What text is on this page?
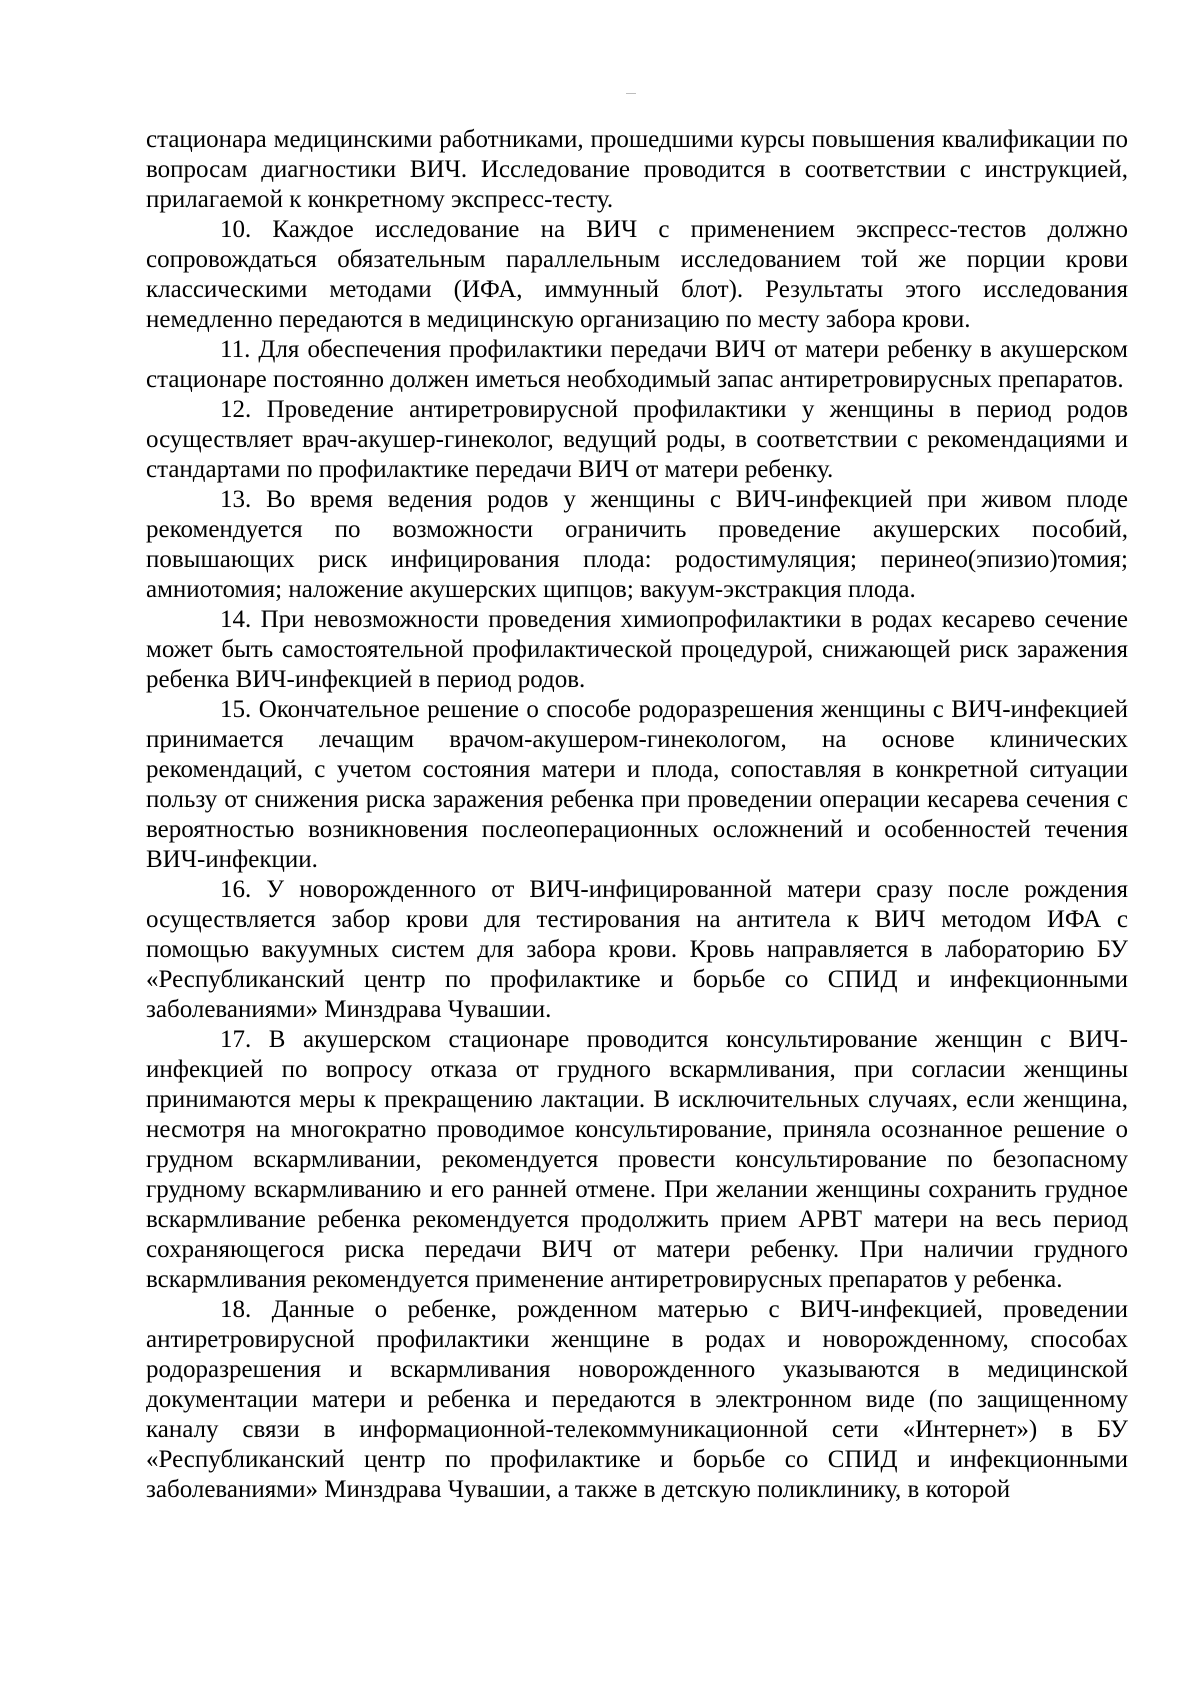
стационара медицинскими работниками, прошедшими курсы повышения квалификации по вопросам диагностики ВИЧ. Исследование проводится в соответствии с инструкцией, прилагаемой к конкретному экспресс-тесту.

10. Каждое исследование на ВИЧ с применением экспресс-тестов должно сопровождаться обязательным параллельным исследованием той же порции крови классическими методами (ИФА, иммунный блот). Результаты этого исследования немедленно передаются в медицинскую организацию по месту забора крови.

11. Для обеспечения профилактики передачи ВИЧ от матери ребенку в акушерском стационаре постоянно должен иметься необходимый запас антиретровирусных препаратов.

12. Проведение антиретровирусной профилактики у женщины в период родов осуществляет врач-акушер-гинеколог, ведущий роды, в соответствии с рекомендациями и стандартами по профилактике передачи ВИЧ от матери ребенку.

13. Во время ведения родов у женщины с ВИЧ-инфекцией при живом плоде рекомендуется по возможности ограничить проведение акушерских пособий, повышающих риск инфицирования плода: родостимуляция; перинео(эпизио)томия; амниотомия; наложение акушерских щипцов; вакуум-экстракция плода.

14. При невозможности проведения химиопрофилактики в родах кесарево сечение может быть самостоятельной профилактической процедурой, снижающей риск заражения ребенка ВИЧ-инфекцией в период родов.

15. Окончательное решение о способе родоразрешения женщины с ВИЧ-инфекцией принимается лечащим врачом-акушером-гинекологом, на основе клинических рекомендаций, с учетом состояния матери и плода, сопоставляя в конкретной ситуации пользу от снижения риска заражения ребенка при проведении операции кесарева сечения с вероятностью возникновения послеоперационных осложнений и особенностей течения ВИЧ-инфекции.

16. У новорожденного от ВИЧ-инфицированной матери сразу после рождения осуществляется забор крови для тестирования на антитела к ВИЧ методом ИФА с помощью вакуумных систем для забора крови. Кровь направляется в лабораторию БУ «Республиканский центр по профилактике и борьбе со СПИД и инфекционными заболеваниями» Минздрава Чувашии.

17. В акушерском стационаре проводится консультирование женщин с ВИЧ-инфекцией по вопросу отказа от грудного вскармливания, при согласии женщины принимаются меры к прекращению лактации. В исключительных случаях, если женщина, несмотря на многократно проводимое консультирование, приняла осознанное решение о грудном вскармливании, рекомендуется провести консультирование по безопасному грудному вскармливанию и его ранней отмене. При желании женщины сохранить грудное вскармливание ребенка рекомендуется продолжить прием АРВТ матери на весь период сохраняющегося риска передачи ВИЧ от матери ребенку. При наличии грудного вскармливания рекомендуется применение антиретровирусных препаратов у ребенка.

18. Данные о ребенке, рожденном матерью с ВИЧ-инфекцией, проведении антиретровирусной профилактики женщине в родах и новорожденному, способах родоразрешения и вскармливания новорожденного указываются в медицинской документации матери и ребенка и передаются в электронном виде (по защищенному каналу связи в информационной-телекоммуникационной сети «Интернет») в БУ «Республиканский центр по профилактике и борьбе со СПИД и инфекционными заболеваниями» Минздрава Чувашии, а также в детскую поликлинику, в которой
